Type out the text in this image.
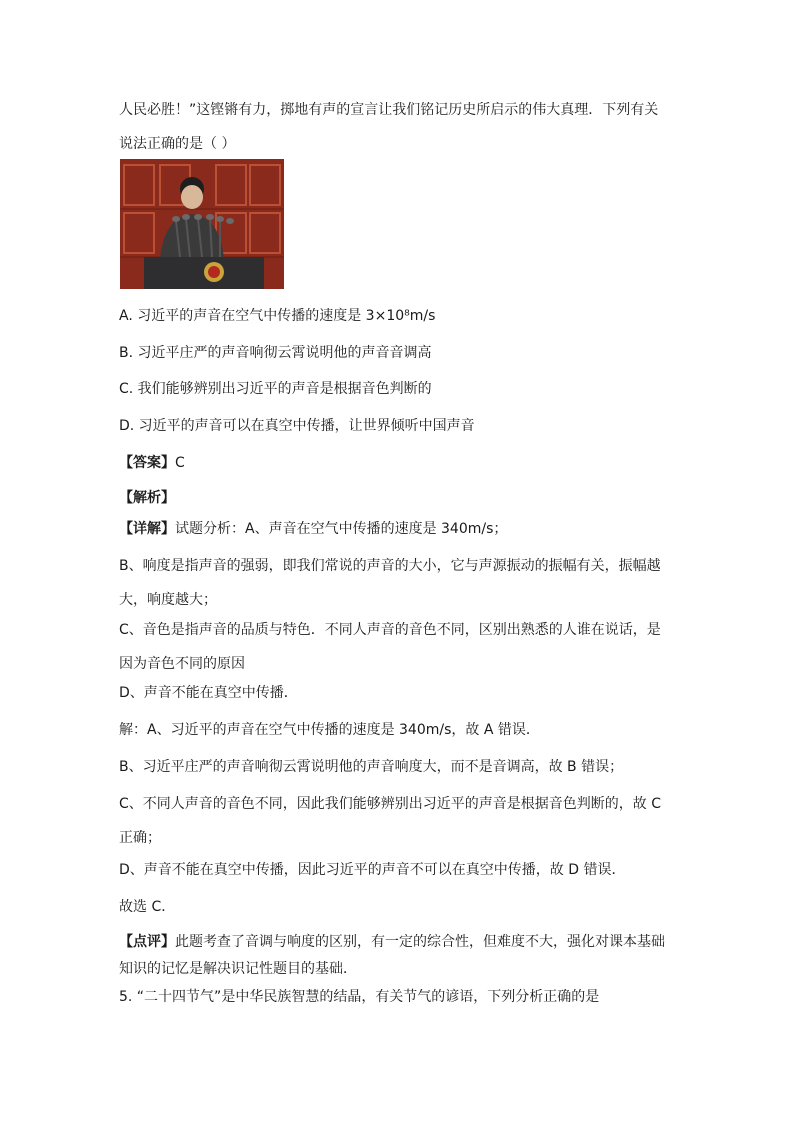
人民必胜！”这铿锵有力，掷地有声的宣言让我们铭记历史所启示的伟大真理．下列有关
说法正确的是（ ）
A. 习近平的声音在空气中传播的速度是 3×10⁸m/s
B. 习近平庄严的声音响彻云霄说明他的声音音调高
C. 我们能够辨别出习近平的声音是根据音色判断的
D. 习近平的声音可以在真空中传播，让世界倾听中国声音
【答案】C
【解析】
【详解】试题分析：A、声音在空气中传播的速度是 340m/s；
B、响度是指声音的强弱，即我们常说的声音的大小，它与声源振动的振幅有关，振幅越
大，响度越大；
C、音色是指声音的品质与特色．不同人声音的音色不同，区别出熟悉的人谁在说话，是
因为音色不同的原因
D、声音不能在真空中传播．
解：A、习近平的声音在空气中传播的速度是 340m/s，故 A 错误．
B、习近平庄严的声音响彻云霄说明他的声音响度大，而不是音调高，故 B 错误；
C、不同人声音的音色不同，因此我们能够辨别出习近平的声音是根据音色判断的，故 C
正确；
D、声音不能在真空中传播，因此习近平的声音不可以在真空中传播，故 D 错误．
故选 C．
【点评】此题考查了音调与响度的区别，有一定的综合性，但难度不大，强化对课本基础
知识的记忆是解决识记性题目的基础．
5. “二十四节气”是中华民族智慧的结晶，有关节气的谚语，下列分析正确的是
